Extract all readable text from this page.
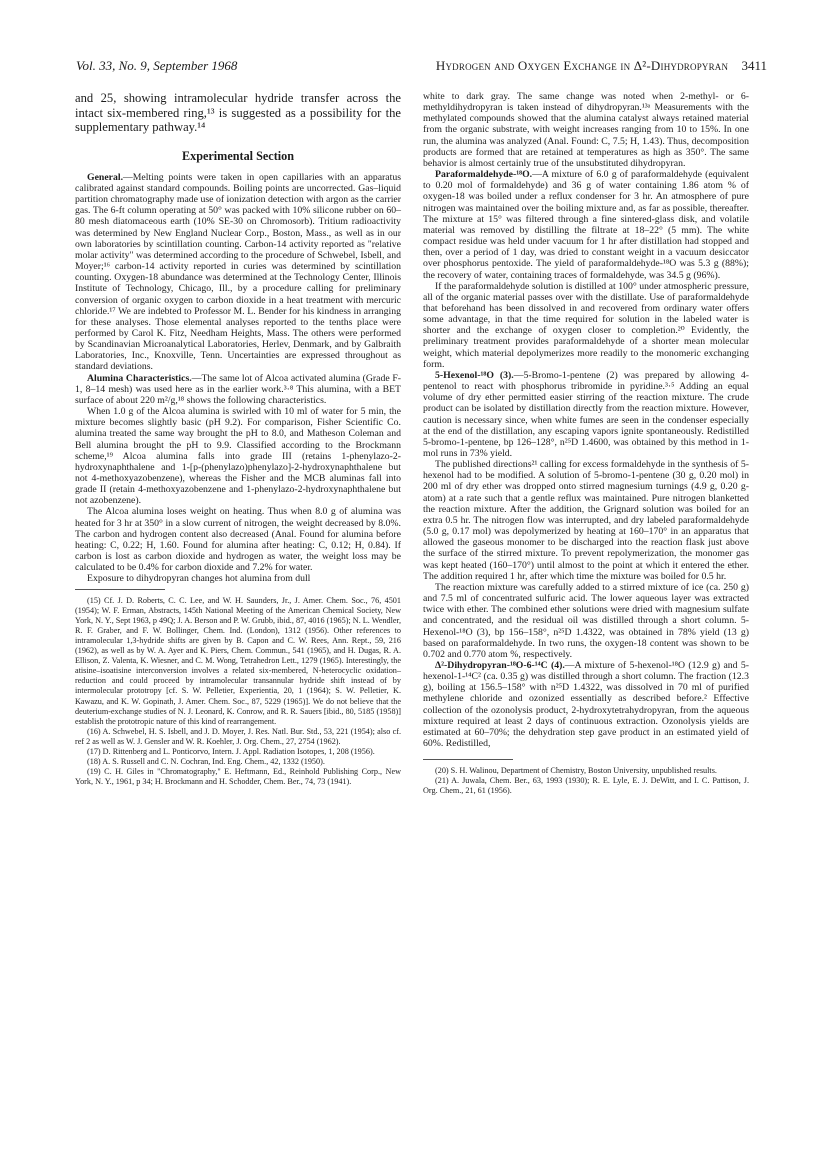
Vol. 33, No. 9, September 1968	Hydrogen and Oxygen Exchange in Δ²-Dihydropyran 3411

and 25, showing intramolecular hydride transfer across the intact six-membered ring,¹³ is suggested as a possibility for the supplementary pathway.¹⁴

Experimental Section

General.—Melting points were taken in open capillaries with an apparatus calibrated against standard compounds. Boiling points are uncorrected. Gas–liquid partition chromatography made use of ionization detection with argon as the carrier gas. The 6-ft column operating at 50° was packed with 10% silicone rubber on 60–80 mesh diatomaceous earth (10% SE-30 on Chromosorb). Tritium radioactivity was determined by New England Nuclear Corp., Boston, Mass., as well as in our own laboratories by scintillation counting. Carbon-14 activity reported as "relative molar activity" was determined according to the procedure of Schwebel, Isbell, and Moyer;¹⁶ carbon-14 activity reported in curies was determined by scintillation counting. Oxygen-18 abundance was determined at the Technology Center, Illinois Institute of Technology, Chicago, Ill., by a procedure calling for preliminary conversion of organic oxygen to carbon dioxide in a heat treatment with mercuric chloride.¹⁷ We are indebted to Professor M. L. Bender for his kindness in arranging for these analyses. Those elemental analyses reported to the tenths place were performed by Carol K. Fitz, Needham Heights, Mass. The others were performed by Scandinavian Microanalytical Laboratories, Herlev, Denmark, and by Galbraith Laboratories, Inc., Knoxville, Tenn. Uncertainties are expressed throughout as standard deviations.

Alumina Characteristics.—The same lot of Alcoa activated alumina (Grade F-1, 8–14 mesh) was used here as in the earlier work.³·⁸ This alumina, with a BET surface of about 220 m²/g,¹⁸ shows the following characteristics.

When 1.0 g of the Alcoa alumina is swirled with 10 ml of water for 5 min, the mixture becomes slightly basic (pH 9.2). For comparison, Fisher Scientific Co. alumina treated the same way brought the pH to 8.0, and Matheson Coleman and Bell alumina brought the pH to 9.9. Classified according to the Brockmann scheme,¹⁹ Alcoa alumina falls into grade III (retains 1-phenylazo-2-hydroxynaphthalene and 1-[p-(phenylazo)phenylazo]-2-hydroxynaphthalene but not 4-methoxyazobenzene), whereas the Fisher and the MCB aluminas fall into grade II (retain 4-methoxyazobenzene and 1-phenylazo-2-hydroxynaphthalene but not azobenzene).

The Alcoa alumina loses weight on heating. Thus when 8.0 g of alumina was heated for 3 hr at 350° in a slow current of nitrogen, the weight decreased by 8.0%. The carbon and hydrogen content also decreased (Anal. Found for alumina before heating: C, 0.22; H, 1.60. Found for alumina after heating: C, 0.12; H, 0.84). If carbon is lost as carbon dioxide and hydrogen as water, the weight loss may be calculated to be 0.4% for carbon dioxide and 7.2% for water.

Exposure to dihydropyran changes hot alumina from dull

(15) Cf. J. D. Roberts, C. C. Lee, and W. H. Saunders, Jr., J. Amer. Chem. Soc., 76, 4501 (1954); W. F. Erman, Abstracts, 145th National Meeting of the American Chemical Society, New York, N. Y., Sept 1963, p 49Q; J. A. Berson and P. W. Grubb, ibid., 87, 4016 (1965); N. L. Wendler, R. F. Graber, and F. W. Bollinger, Chem. Ind. (London), 1312 (1956). Other references to intramolecular 1,3-hydride shifts are given by B. Capon and C. W. Rees, Ann. Rept., 59, 216 (1962), as well as by W. A. Ayer and K. Piers, Chem. Commun., 541 (1965), and H. Dugas, R. A. Ellison, Z. Valenta, K. Wiesner, and C. M. Wong, Tetrahedron Lett., 1279 (1965). Interestingly, the atisine–isoatisine interconversion involves a related six-membered, N-heterocyclic oxidation–reduction and could proceed by intramolecular transannular hydride shift instead of by intermolecular prototropy [cf. S. W. Pelletier, Experientia, 20, 1 (1964); S. W. Pelletier, K. Kawazu, and K. W. Gopinath, J. Amer. Chem. Soc., 87, 5229 (1965)]. We do not believe that the deuterium-exchange studies of N. J. Leonard, K. Conrow, and R. R. Sauers [ibid., 80, 5185 (1958)] establish the prototropic nature of this kind of rearrangement.

(16) A. Schwebel, H. S. Isbell, and J. D. Moyer, J. Res. Natl. Bur. Std., 53, 221 (1954); also cf. ref 2 as well as W. J. Gensler and W. R. Koehler, J. Org. Chem., 27, 2754 (1962).

(17) D. Rittenberg and L. Ponticorvo, Intern. J. Appl. Radiation Isotopes, 1, 208 (1956).

(18) A. S. Russell and C. N. Cochran, Ind. Eng. Chem., 42, 1332 (1950).

(19) C. H. Giles in "Chromatography," E. Heftmann, Ed., Reinhold Publishing Corp., New York, N. Y., 1961, p 34; H. Brockmann and H. Schodder, Chem. Ber., 74, 73 (1941).

white to dark gray. The same change was noted when 2-methyl- or 6-methyldihydropyran is taken instead of dihydropyran.¹³ᵃ Measurements with the methylated compounds showed that the alumina catalyst always retained material from the organic substrate, with weight increases ranging from 10 to 15%. In one run, the alumina was analyzed (Anal. Found: C, 7.5; H, 1.43). Thus, decomposition products are formed that are retained at temperatures as high as 350°. The same behavior is almost certainly true of the unsubstituted dihydropyran.

Paraformaldehyde-¹⁸O.—A mixture of 6.0 g of paraformaldehyde (equivalent to 0.20 mol of formaldehyde) and 36 g of water containing 1.86 atom % of oxygen-18 was boiled under a reflux condenser for 3 hr. An atmosphere of pure nitrogen was maintained over the boiling mixture and, as far as possible, thereafter. The mixture at 15° was filtered through a fine sintered-glass disk, and volatile material was removed by distilling the filtrate at 18–22° (5 mm). The white compact residue was held under vacuum for 1 hr after distillation had stopped and then, over a period of 1 day, was dried to constant weight in a vacuum desiccator over phosphorus pentoxide. The yield of paraformaldehyde-¹⁸O was 5.3 g (88%); the recovery of water, containing traces of formaldehyde, was 34.5 g (96%).

If the paraformaldehyde solution is distilled at 100° under atmospheric pressure, all of the organic material passes over with the distillate. Use of paraformaldehyde that beforehand has been dissolved in and recovered from ordinary water offers some advantage, in that the time required for solution in the labeled water is shorter and the exchange of oxygen closer to completion.²⁰ Evidently, the preliminary treatment provides paraformaldehyde of a shorter mean molecular weight, which material depolymerizes more readily to the monomeric exchanging form.

5-Hexenol-¹⁸O (3).—5-Bromo-1-pentene (2) was prepared by allowing 4-pentenol to react with phosphorus tribromide in pyridine.³·⁵ Adding an equal volume of dry ether permitted easier stirring of the reaction mixture. The crude product can be isolated by distillation directly from the reaction mixture. However, caution is necessary since, when white fumes are seen in the condenser especially at the end of the distillation, any escaping vapors ignite spontaneously. Redistilled 5-bromo-1-pentene, bp 126–128°, n²⁵D 1.4600, was obtained by this method in 1-mol runs in 73% yield.

The published directions²¹ calling for excess formaldehyde in the synthesis of 5-hexenol had to be modified. A solution of 5-bromo-1-pentene (30 g, 0.20 mol) in 200 ml of dry ether was dropped onto stirred magnesium turnings (4.9 g, 0.20 g-atom) at a rate such that a gentle reflux was maintained. Pure nitrogen blanketted the reaction mixture. After the addition, the Grignard solution was boiled for an extra 0.5 hr. The nitrogen flow was interrupted, and dry labeled paraformaldehyde (5.0 g, 0.17 mol) was depolymerized by heating at 160–170° in an apparatus that allowed the gaseous monomer to be discharged into the reaction flask just above the surface of the stirred mixture. To prevent repolymerization, the monomer gas was kept heated (160–170°) until almost to the point at which it entered the ether. The addition required 1 hr, after which time the mixture was boiled for 0.5 hr.

The reaction mixture was carefully added to a stirred mixture of ice (ca. 250 g) and 7.5 ml of concentrated sulfuric acid. The lower aqueous layer was extracted twice with ether. The combined ether solutions were dried with magnesium sulfate and concentrated, and the residual oil was distilled through a short column. 5-Hexenol-¹⁸O (3), bp 156–158°, n²⁵D 1.4322, was obtained in 78% yield (13 g) based on paraformaldehyde. In two runs, the oxygen-18 content was shown to be 0.702 and 0.770 atom %, respectively.

Δ²-Dihydropyran-¹⁸O-6-¹⁴C (4).—A mixture of 5-hexenol-¹⁸O (12.9 g) and 5-hexenol-1-¹⁴C² (ca. 0.35 g) was distilled through a short column. The fraction (12.3 g), boiling at 156.5–158° with n²⁵D 1.4322, was dissolved in 70 ml of purified methylene chloride and ozonized essentially as described before.² Effective collection of the ozonolysis product, 2-hydroxytetrahydropyran, from the aqueous mixture required at least 2 days of continuous extraction. Ozonolysis yields are estimated at 60–70%; the dehydration step gave product in an estimated yield of 60%. Redistilled,

(20) S. H. Walinou, Department of Chemistry, Boston University, unpublished results.

(21) A. Juwala, Chem. Ber., 63, 1993 (1930); R. E. Lyle, E. J. DeWitt, and I. C. Pattison, J. Org. Chem., 21, 61 (1956).
